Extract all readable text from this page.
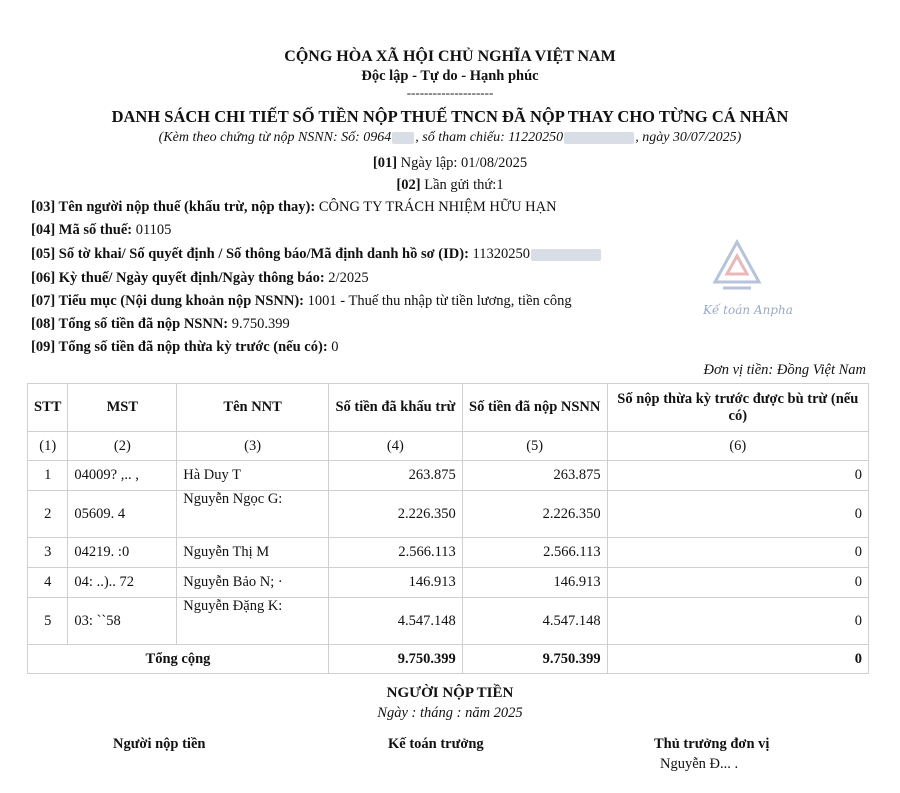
CỘNG HÒA XÃ HỘI CHỦ NGHĨA VIỆT NAM
Độc lập - Tự do - Hạnh phúc
--------------------
DANH SÁCH CHI TIẾT SỐ TIỀN NỘP THUẾ TNCN ĐÃ NỘP THAY CHO TỪNG CÁ NHÂN
(Kèm theo chứng từ nộp NSNN: Số: 0964 , số tham chiếu: 11220250	, ngày 30/07/2025)
[01] Ngày lập: 01/08/2025
[02] Lần gửi thứ:1
[03] Tên người nộp thuế (khấu trừ, nộp thay): CÔNG TY TRÁCH NHIỆM HỮU HẠN
[04] Mã số thuế: 01105
[05] Số tờ khai/ Số quyết định / Số thông báo/Mã định danh hồ sơ (ID): 11320250
[06] Kỳ thuế/ Ngày quyết định/Ngày thông báo: 2/2025
[07] Tiểu mục (Nội dung khoản nộp NSNN): 1001 - Thuế thu nhập từ tiền lương, tiền công
[08] Tổng số tiền đã nộp NSNN: 9.750.399
[09] Tổng số tiền đã nộp thừa kỳ trước (nếu có): 0
Kế toán Anpha
Đơn vị tiền: Đồng Việt Nam
STT	MST	Tên NNT	Số tiền đã khấu trừ	Số tiền đã nộp NSNN	Số nộp thừa kỳ trước được bù trừ (nếu có)
(1)	(2)	(3)	(4)	(5)	(6)
1	04009? ,.. ,	Hà Duy T	263.875	263.875	0
2	05609. 4	Nguyễn Ngọc G:	2.226.350	2.226.350	0
3	04219. :0	Nguyễn Thị M	2.566.113	2.566.113	0
4	04: ..).. 72	Nguyễn Bảo N; ·	146.913	146.913	0
5	03: ``58	Nguyễn Đặng K:	4.547.148	4.547.148	0
Tổng cộng			9.750.399	9.750.399	0
NGƯỜI NỘP TIỀN
Ngày : tháng : năm 2025
Người nộp tiền	Kế toán trưởng	Thủ trưởng đơn vị
Nguyễn Đ... .
